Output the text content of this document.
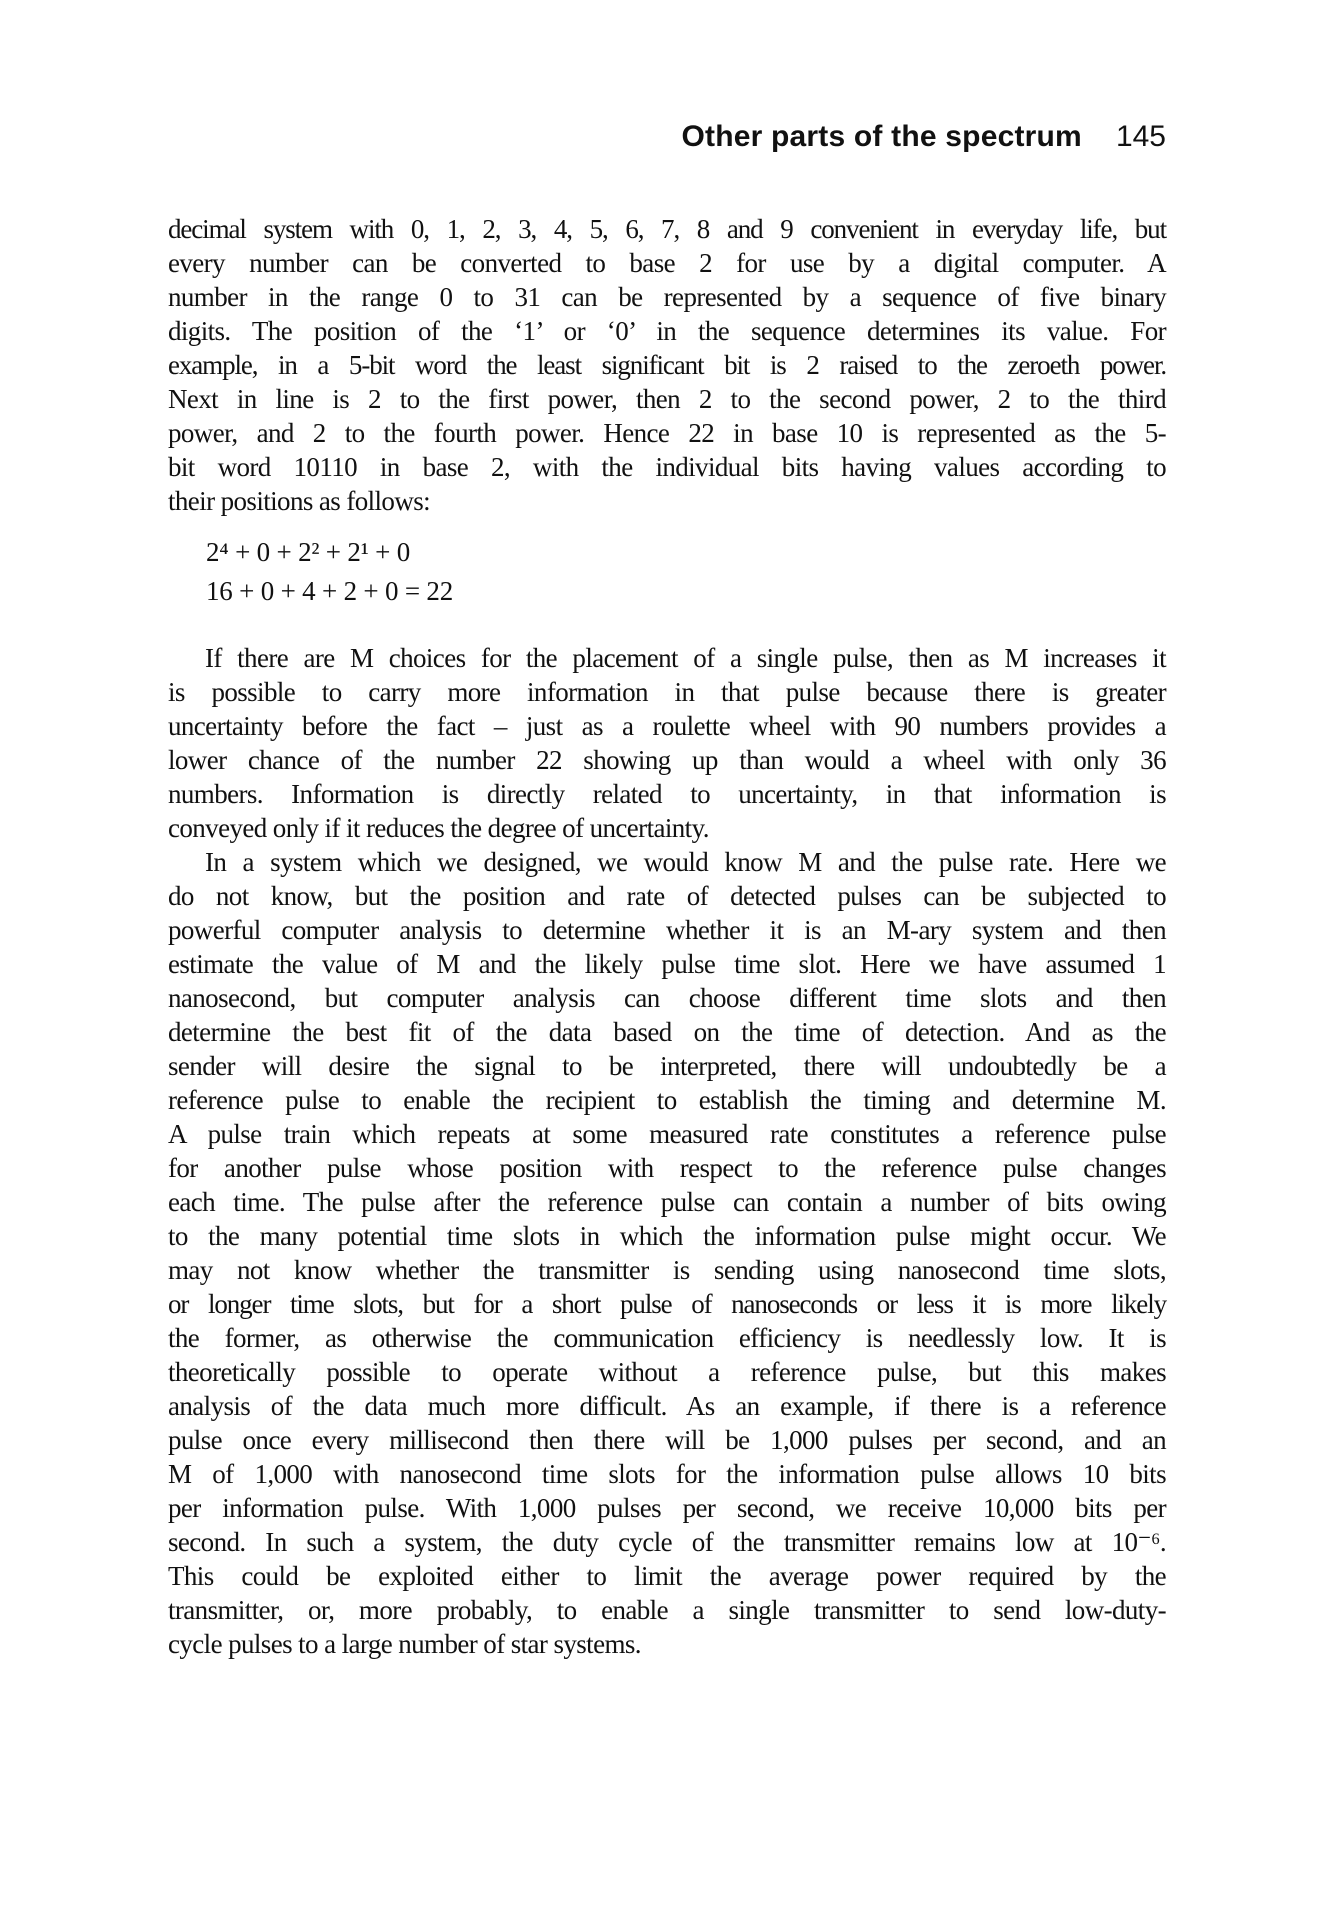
Other parts of the spectrum 145
decimal system with 0, 1, 2, 3, 4, 5, 6, 7, 8 and 9 convenient in everyday life, but
every number can be converted to base 2 for use by a digital computer. A
number in the range 0 to 31 can be represented by a sequence of five binary
digits. The position of the ‘1’ or ‘0’ in the sequence determines its value. For
example, in a 5-bit word the least significant bit is 2 raised to the zeroeth power.
Next in line is 2 to the first power, then 2 to the second power, 2 to the third
power, and 2 to the fourth power. Hence 22 in base 10 is represented as the 5-
bit word 10110 in base 2, with the individual bits having values according to
their positions as follows:
2⁴ + 0 + 2² + 2¹ + 0
16 + 0 + 4 + 2 + 0 = 22
If there are M choices for the placement of a single pulse, then as M increases it
is possible to carry more information in that pulse because there is greater
uncertainty before the fact – just as a roulette wheel with 90 numbers provides a
lower chance of the number 22 showing up than would a wheel with only 36
numbers. Information is directly related to uncertainty, in that information is
conveyed only if it reduces the degree of uncertainty.
In a system which we designed, we would know M and the pulse rate. Here we
do not know, but the position and rate of detected pulses can be subjected to
powerful computer analysis to determine whether it is an M-ary system and then
estimate the value of M and the likely pulse time slot. Here we have assumed 1
nanosecond, but computer analysis can choose different time slots and then
determine the best fit of the data based on the time of detection. And as the
sender will desire the signal to be interpreted, there will undoubtedly be a
reference pulse to enable the recipient to establish the timing and determine M.
A pulse train which repeats at some measured rate constitutes a reference pulse
for another pulse whose position with respect to the reference pulse changes
each time. The pulse after the reference pulse can contain a number of bits owing
to the many potential time slots in which the information pulse might occur. We
may not know whether the transmitter is sending using nanosecond time slots,
or longer time slots, but for a short pulse of nanoseconds or less it is more likely
the former, as otherwise the communication efficiency is needlessly low. It is
theoretically possible to operate without a reference pulse, but this makes
analysis of the data much more difficult. As an example, if there is a reference
pulse once every millisecond then there will be 1,000 pulses per second, and an
M of 1,000 with nanosecond time slots for the information pulse allows 10 bits
per information pulse. With 1,000 pulses per second, we receive 10,000 bits per
second. In such a system, the duty cycle of the transmitter remains low at 10⁻⁶.
This could be exploited either to limit the average power required by the
transmitter, or, more probably, to enable a single transmitter to send low-duty-
cycle pulses to a large number of star systems.
